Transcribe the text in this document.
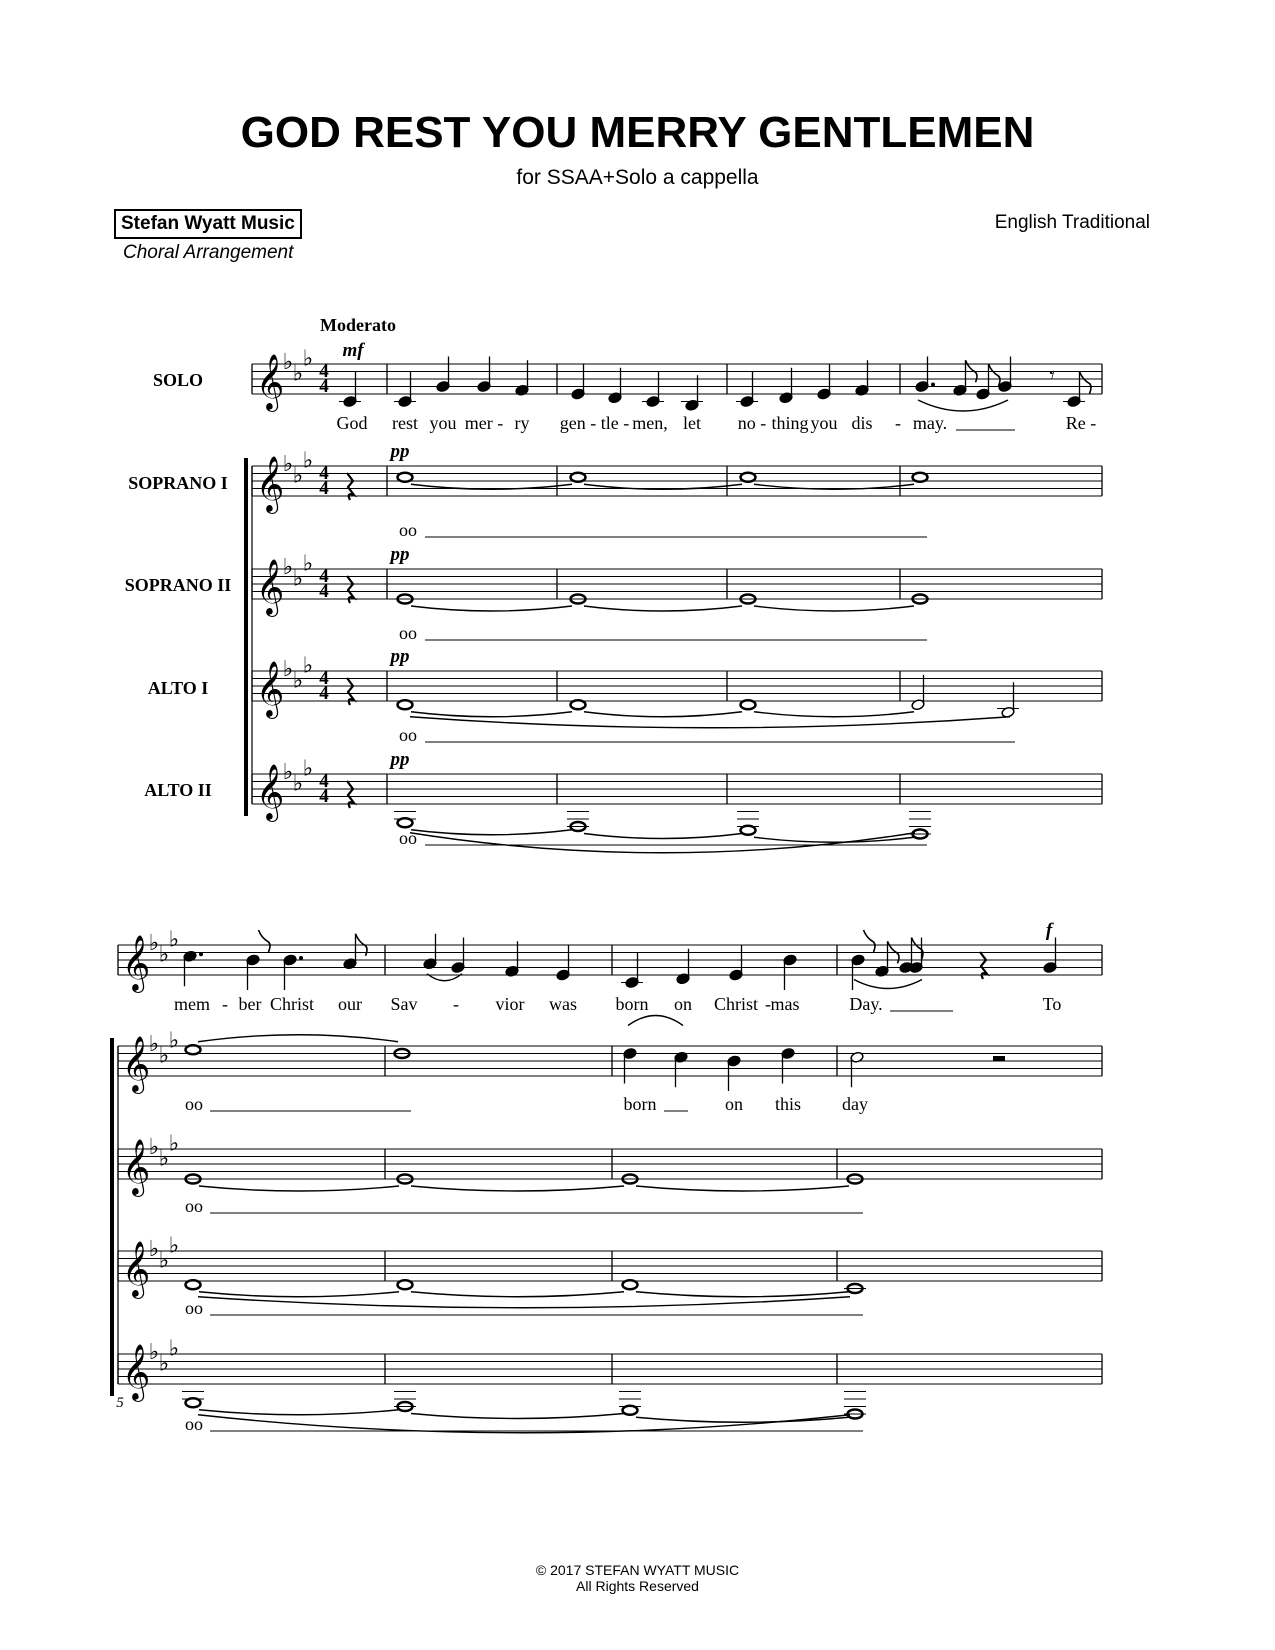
GOD REST YOU MERRY GENTLEMEN
for SSAA+Solo a cappella
Stefan Wyatt Music
Choral Arrangement
English Traditional
SOLO
SOPRANO I
SOPRANO II
ALTO I
ALTO II
Moderato
𝄞
♭ ♭
♭
4
4
𝄞
♭ ♭
♭
4
4
𝄞
♭ ♭
♭
4
4
𝄞
♭ ♭
♭
4
4
𝄞
♭ ♭
♭
4
4
mf
𝄾
God rest you mer - ry gen - tle - men, let no - thing you dis - may.	Re -
pp
oo
pp
oo
pp
oo
pp
oo
𝄞
♭ ♭
♭
𝄞
♭ ♭
♭
𝄞
♭ ♭
♭
𝄞
♭ ♭
♭
𝄞
♭ ♭
♭
5
f
mem - ber Christ our Sav - vior was born on Christ - mas	Day.	To
oo	born	on this day
oo
oo
oo
© 2017 STEFAN WYATT MUSIC
All Rights Reserved
